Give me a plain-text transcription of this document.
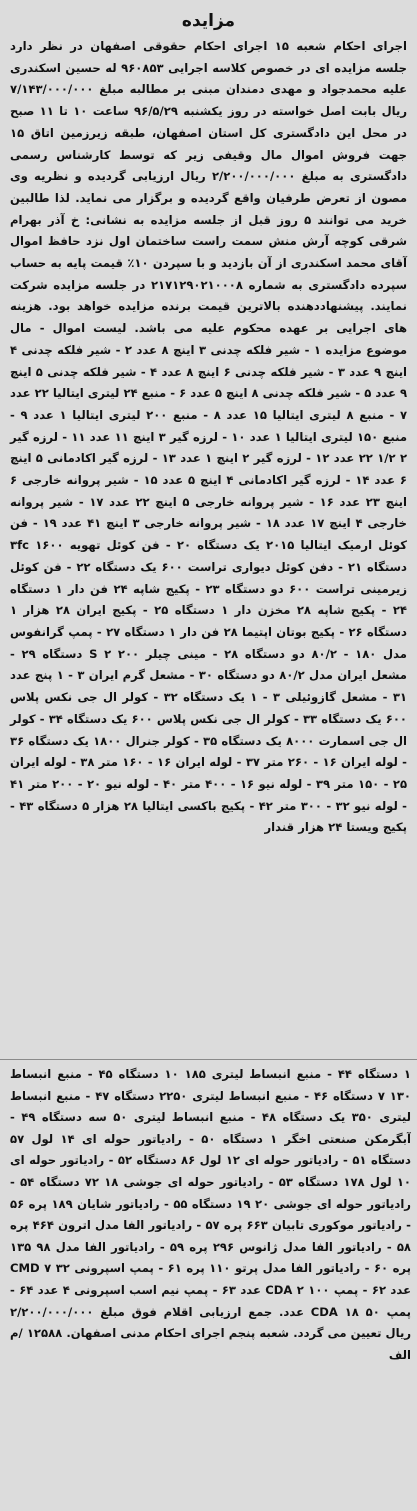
مزایده
اجرای احکام شعبه ۱۵ اجرای احکام حقوقی اصفهان در نظر دارد جلسه مزایده ای در خصوص کلاسه اجرایی ۹۶۰۸۵۳ له حسین اسکندری علیه محمدجواد و مهدی دمندان مبنی بر مطالبه مبلغ ۷/۱۴۳/۰۰۰/۰۰۰ ریال بابت اصل خواسته در روز یکشنبه ۹۶/۵/۲۹ ساعت ۱۰ تا ۱۱ صبح در محل این دادگستری کل استان اصفهان، طبقه زیرزمین اتاق ۱۵ جهت فروش اموال مال وقیفی زیر که توسط کارشناس رسمی دادگستری به مبلغ ۲/۲۰۰/۰۰۰/۰۰۰ ریال ارزیابی گردیده و نظریه وی مصون از تعرض طرفیان واقع گردیده و برگزار می نماید. لذا طالبین خرید می توانند ۵ روز قبل از جلسه مزایده به نشانی: خ آذر بهرام شرقی کوچه آرش منش سمت راست ساختمان اول نزد حافظ اموال آقای محمد اسکندری از آن بازدید و با سپردن ۱۰٪ قیمت پایه به حساب سپرده دادگستری به شماره ۲۱۷۱۲۹۰۲۱۰۰۰۸ در جلسه مزایده شرکت نمایند. پیشنهاددهنده بالاترین قیمت برنده مزایده خواهد بود. هزینه های اجرایی بر عهده محکوم علیه می باشد. لیست اموال - مال موضوع مزایده ۱ - شیر فلکه چدنی ۳ اینچ ۸ عدد ۲ - شیر فلکه چدنی ۴ اینچ ۹ عدد ۳ - شیر فلکه چدنی ۶ اینچ ۸ عدد ۴ - شیر فلکه چدنی ۵ اینچ ۹ عدد ۵ - شیر فلکه چدنی ۸ اینچ ۵ عدد ۶ - منبع ۲۴ لیتری ایتالیا ۲۲ عدد ۷ - منبع ۸ لیتری ایتالیا ۱۵ عدد ۸ - منبع ۲۰۰ لیتری ایتالیا ۱ عدد ۹ - منبع ۱۵۰ لیتری ایتالیا ۱ عدد ۱۰ - لرزه گیر ۳ اینچ ۱۱ عدد ۱۱ - لرزه گیر ۲ ۱/۲ ۲۲ عدد ۱۲ - لرزه گیر ۲ اینچ ۱ عدد ۱۳ - لرزه گیر اکادمانی ۵ اینچ ۶ عدد ۱۴ - لرزه گیر اکادمانی ۴ اینچ ۵ عدد ۱۵ - شیر پروانه خارجی ۶ اینچ ۲۳ عدد ۱۶ - شیر پروانه خارجی ۵ اینچ ۲۲ عدد ۱۷ - شیر پروانه خارجی ۴ اینچ ۱۷ عدد ۱۸ - شیر پروانه خارجی ۳ اینچ ۴۱ عدد ۱۹ - فن کوئل ارمیک ایتالیا ۲۰۱۵ یک دستگاه ۲۰ - فن کوئل تهویه ۱۶۰۰ ۳fc دستگاه ۲۱ - دفن کوئل دیواری تراست ۶۰۰ یک دستگاه ۲۲ - فن کوئل زیرمینی تراست ۶۰۰ دو دستگاه ۲۳ - پکیج شاپه ۲۴ فن دار ۱ دستگاه ۲۴ - پکیج شاپه ۲۸ مخزن دار ۱ دستگاه ۲۵ - پکیج ایران ۲۸ هزار ۱ دستگاه ۲۶ - پکیج بوتان اپتیما ۲۸ فن دار ۱ دستگاه ۲۷ - پمپ گرانفوس مدل ۱۸۰ - ۸۰/۲ دو دستگاه ۲۸ - مینی چیلر ۲۰۰ S ۲ دستگاه ۲۹ - مشعل ایران مدل ۸۰/۲ دو دستگاه ۳۰ - مشعل گرم ایران ۳ - ۱ پنج عدد ۳۱ - مشعل گازوئیلی ۳ - ۱ یک دستگاه ۳۲ - کولر ال جی نکس پلاس ۶۰۰ یک دستگاه ۳۳ - کولر ال جی نکس پلاس ۶۰۰ یک دستگاه ۳۴ - کولر ال جی اسمارت ۸۰۰۰ یک دستگاه ۳۵ - کولر جنرال ۱۸۰۰ یک دستگاه ۳۶ - لوله ایران ۱۶ - ۲۶۰ متر ۳۷ - لوله ایران ۱۶ - ۱۶۰ متر ۳۸ - لوله ایران ۲۵ - ۱۵۰ متر ۳۹ - لوله نیو ۱۶ - ۴۰۰ متر ۴۰ - لوله نیو ۲۰ - ۲۰۰ متر ۴۱ - لوله نیو ۳۲ - ۳۰۰ متر ۴۲ - پکیج باکسی ایتالیا ۲۸ هزار ۵ دستگاه ۴۳ - پکیج ویستا ۲۴ هزار قندار
۱ دستگاه ۴۴ - منبع انبساط لیتری ۱۸۵ ۱۰ دستگاه ۴۵ - منبع انبساط ۱۳۰ ۷ دستگاه ۴۶ - منبع انبساط لیتری ۲۲۵۰ دستگاه ۴۷ - منبع انبساط لیتری ۳۵۰ یک دستگاه ۴۸ - منبع انبساط لیتری ۵۰ سه دستگاه ۴۹ - آبگرمکن صنعتی اخگر ۱ دستگاه ۵۰ - رادیاتور حوله ای ۱۴ لول ۵۷ دستگاه ۵۱ - رادیاتور حوله ای ۱۲ لول ۸۶ دستگاه ۵۲ - رادیاتور حوله ای ۱۰ لول ۱۷۸ دستگاه ۵۳ - رادیاتور حوله ای جوشی ۱۸ ۷۲ دستگاه ۵۴ - رادیاتور حوله ای جوشی ۲۰ ۱۹ دستگاه ۵۵ - رادیاتور شایان ۱۸۹ پره ۵۶ - رادیاتور موکوری تابیان ۶۶۳ پره ۵۷ - رادیاتور الفا مدل اترون ۴۶۴ پره ۵۸ - رادیاتور الفا مدل ژانوس ۲۹۶ پره ۵۹ - رادیاتور الفا مدل ۹۸ ۱۳۵ پره ۶۰ - رادیاتور الفا مدل پرتو ۱۱۰ پره ۶۱ - پمپ اسپرونی ۳۲ CMD ۷ عدد ۶۲ - پمپ ۱۰۰ CDA ۲ عدد ۶۳ - پمپ نیم اسب اسپرونی ۴ عدد ۶۴ - پمپ ۵۰ CDA ۱۸ عدد. جمع ارزیابی اقلام فوق مبلغ ۲/۲۰۰/۰۰۰/۰۰۰ ریال تعیین می گردد. شعبه پنجم اجرای احکام مدنی اصفهان. ۱۲۵۸۸ /م الف
